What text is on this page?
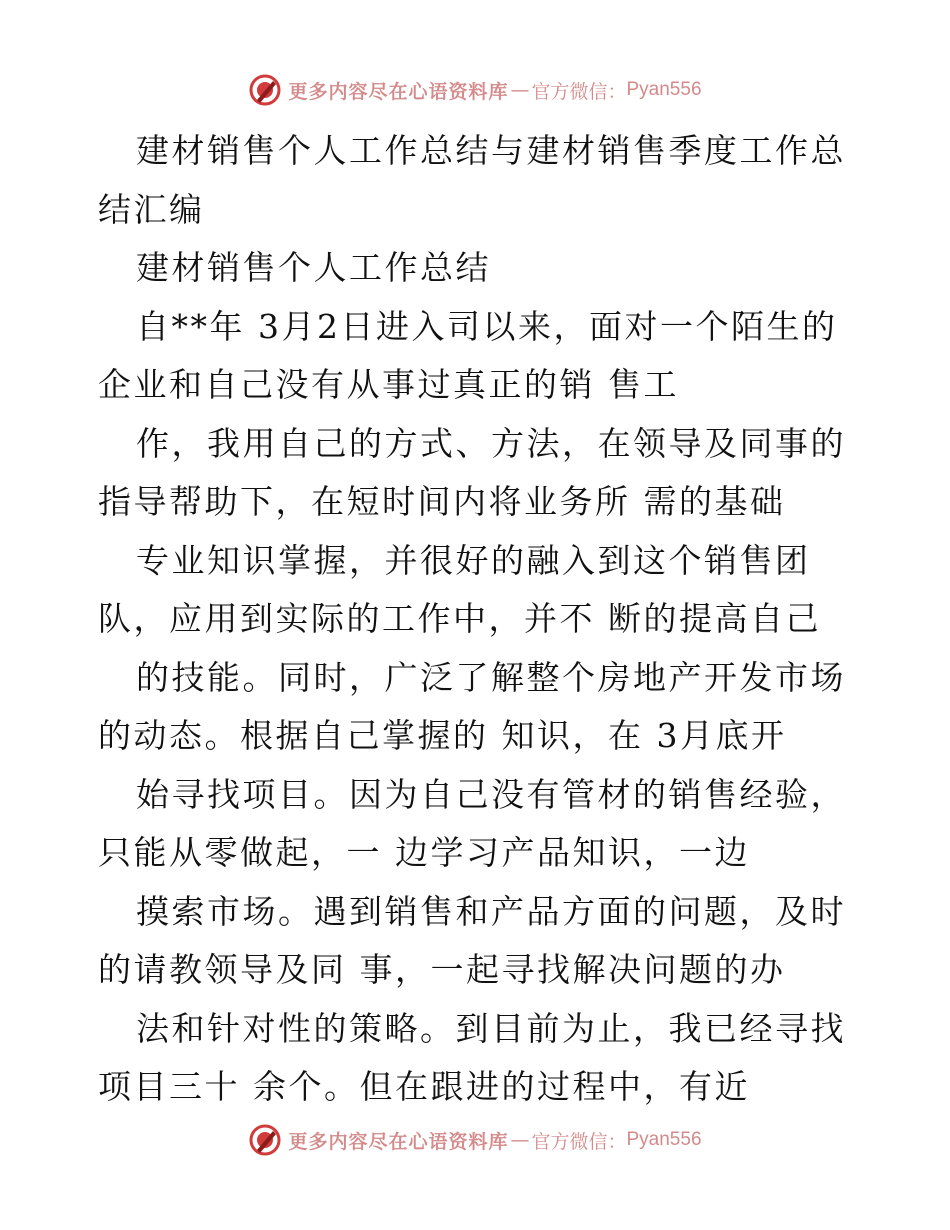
更多内容尽在心语资料库 — 官方微信： Pyan556

建材销售个人工作总结与建材销售季度工作总结汇编

建材销售个人工作总结

自**年 3月2日进入司以来，面对一个陌生的企业和自己没有从事过真正的销 售工

作，我用自己的方式、方法，在领导及同事的指导帮助下，在短时间内将业务所 需的基础

专业知识掌握，并很好的融入到这个销售团队，应用到实际的工作中，并不 断的提高自己

的技能。同时，广泛了解整个房地产开发市场的动态。根据自己掌握的 知识，在 3月底开

始寻找项目。因为自己没有管材的销售经验，只能从零做起，一 边学习产品知识，一边

摸索市场。遇到销售和产品方面的问题，及时的请教领导及同 事，一起寻找解决问题的办

法和针对性的策略。到目前为止，我已经寻找项目三十 余个。但在跟进的过程中，有近

更多内容尽在心语资料库 — 官方微信： Pyan556
